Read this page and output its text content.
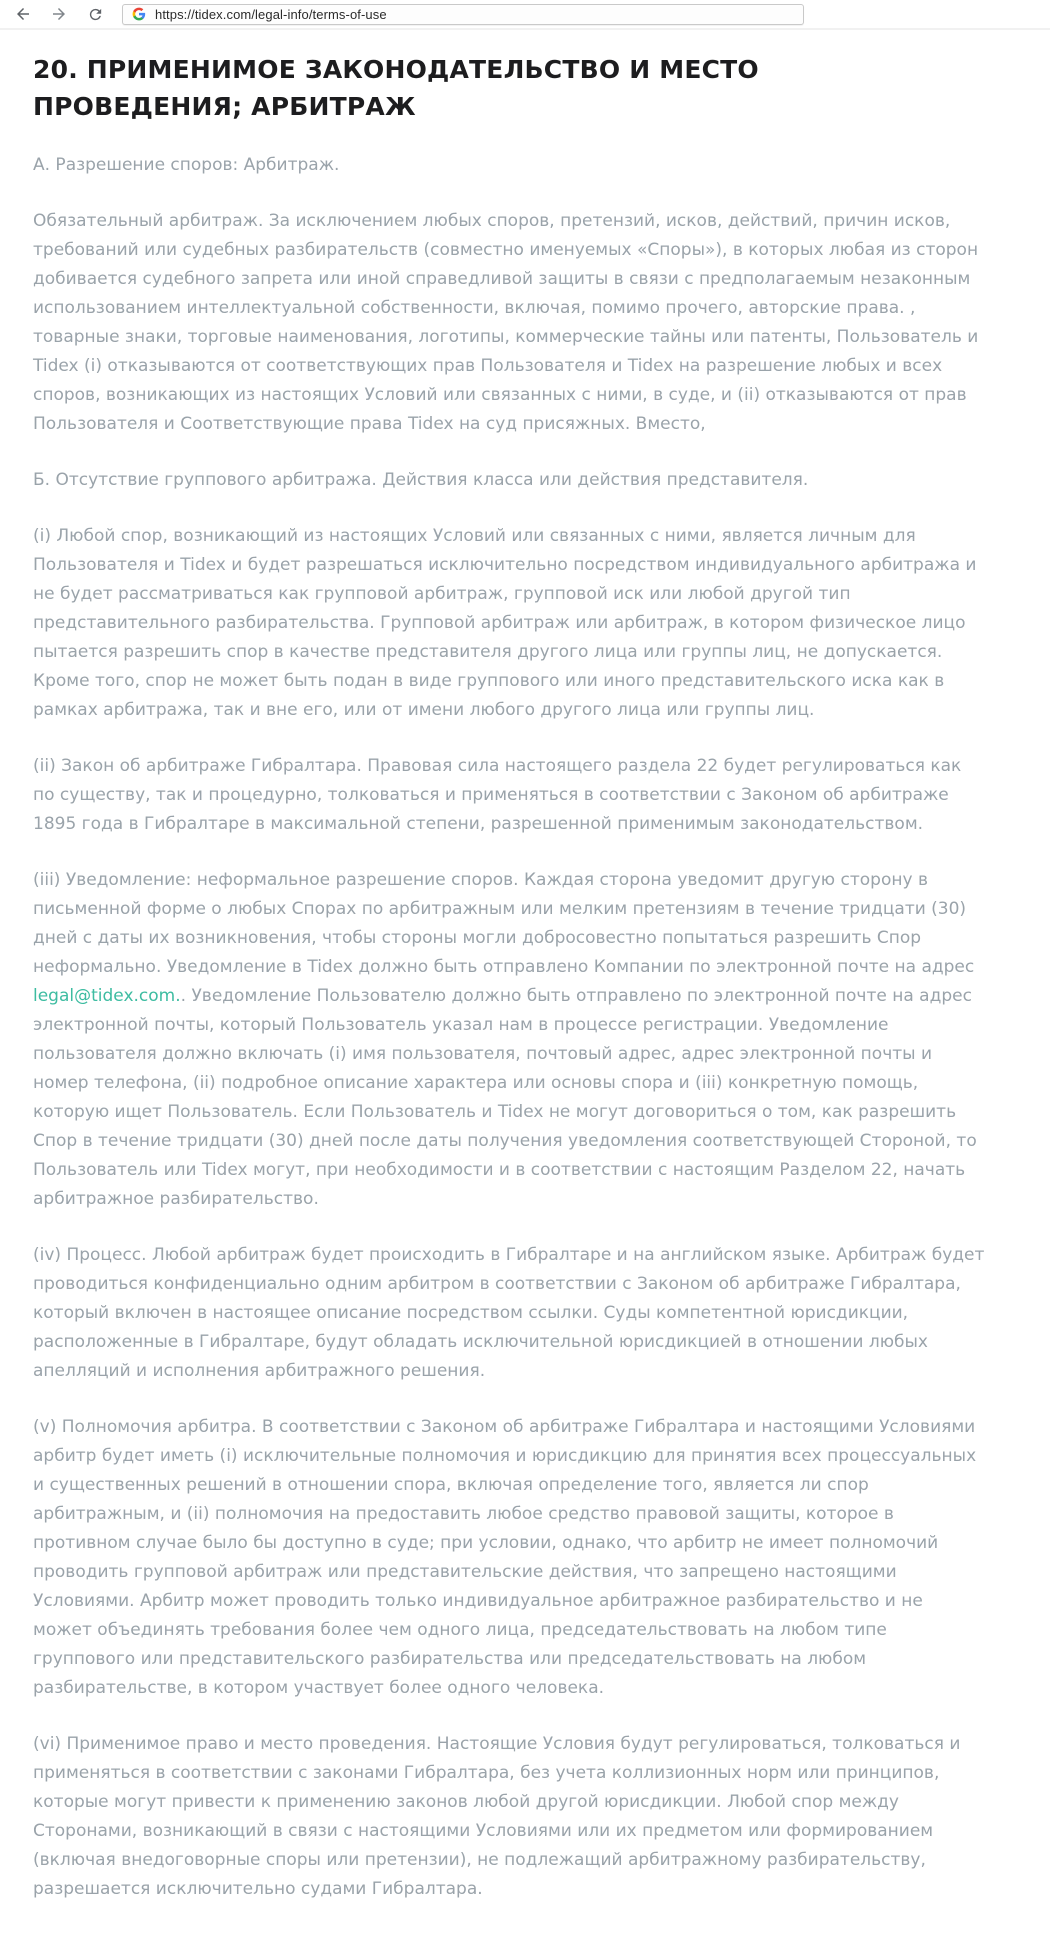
https://tidex.com/legal-info/terms-of-use
20. ПРИМЕНИМОЕ ЗАКОНОДАТЕЛЬСТВО И МЕСТО ПРОВЕДЕНИЯ; АРБИТРАЖ

А. Разрешение споров: Арбитраж.

Обязательный арбитраж. За исключением любых споров, претензий, исков, действий, причин исков, требований или судебных разбирательств (совместно именуемых «Споры»), в которых любая из сторон добивается судебного запрета или иной справедливой защиты в связи с предполагаемым незаконным использованием интеллектуальной собственности, включая, помимо прочего, авторские права. , товарные знаки, торговые наименования, логотипы, коммерческие тайны или патенты, Пользователь и Tidex (i) отказываются от соответствующих прав Пользователя и Tidex на разрешение любых и всех споров, возникающих из настоящих Условий или связанных с ними, в суде, и (ii) отказываются от прав Пользователя и Соответствующие права Tidex на суд присяжных. Вместо,

Б. Отсутствие группового арбитража. Действия класса или действия представителя.

(i) Любой спор, возникающий из настоящих Условий или связанных с ними, является личным для Пользователя и Tidex и будет разрешаться исключительно посредством индивидуального арбитража и не будет рассматриваться как групповой арбитраж, групповой иск или любой другой тип представительного разбирательства. Групповой арбитраж или арбитраж, в котором физическое лицо пытается разрешить спор в качестве представителя другого лица или группы лиц, не допускается. Кроме того, спор не может быть подан в виде группового или иного представительского иска как в рамках арбитража, так и вне его, или от имени любого другого лица или группы лиц.

(ii) Закон об арбитраже Гибралтара. Правовая сила настоящего раздела 22 будет регулироваться как по существу, так и процедурно, толковаться и применяться в соответствии с Законом об арбитраже 1895 года в Гибралтаре в максимальной степени, разрешенной применимым законодательством.

(iii) Уведомление: неформальное разрешение споров. Каждая сторона уведомит другую сторону в письменной форме о любых Спорах по арбитражным или мелким претензиям в течение тридцати (30) дней с даты их возникновения, чтобы стороны могли добросовестно попытаться разрешить Спор неформально. Уведомление в Tidex должно быть отправлено Компании по электронной почте на адрес legal@tidex.com.. Уведомление Пользователю должно быть отправлено по электронной почте на адрес электронной почты, который Пользователь указал нам в процессе регистрации. Уведомление пользователя должно включать (i) имя пользователя, почтовый адрес, адрес электронной почты и номер телефона, (ii) подробное описание характера или основы спора и (iii) конкретную помощь, которую ищет Пользователь. Если Пользователь и Tidex не могут договориться о том, как разрешить Спор в течение тридцати (30) дней после даты получения уведомления соответствующей Стороной, то Пользователь или Tidex могут, при необходимости и в соответствии с настоящим Разделом 22, начать арбитражное разбирательство.

(iv) Процесс. Любой арбитраж будет происходить в Гибралтаре и на английском языке. Арбитраж будет проводиться конфиденциально одним арбитром в соответствии с Законом об арбитраже Гибралтара, который включен в настоящее описание посредством ссылки. Суды компетентной юрисдикции, расположенные в Гибралтаре, будут обладать исключительной юрисдикцией в отношении любых апелляций и исполнения арбитражного решения.

(v) Полномочия арбитра. В соответствии с Законом об арбитраже Гибралтара и настоящими Условиями арбитр будет иметь (i) исключительные полномочия и юрисдикцию для принятия всех процессуальных и существенных решений в отношении спора, включая определение того, является ли спор арбитражным, и (ii) полномочия на предоставить любое средство правовой защиты, которое в противном случае было бы доступно в суде; при условии, однако, что арбитр не имеет полномочий проводить групповой арбитраж или представительские действия, что запрещено настоящими Условиями. Арбитр может проводить только индивидуальное арбитражное разбирательство и не может объединять требования более чем одного лица, председательствовать на любом типе группового или представительского разбирательства или председательствовать на любом разбирательстве, в котором участвует более одного человека.

(vi) Применимое право и место проведения. Настоящие Условия будут регулироваться, толковаться и применяться в соответствии с законами Гибралтара, без учета коллизионных норм или принципов, которые могут привести к применению законов любой другой юрисдикции. Любой спор между Сторонами, возникающий в связи с настоящими Условиями или их предметом или формированием (включая внедоговорные споры или претензии), не подлежащий арбитражному разбирательству, разрешается исключительно судами Гибралтара.
